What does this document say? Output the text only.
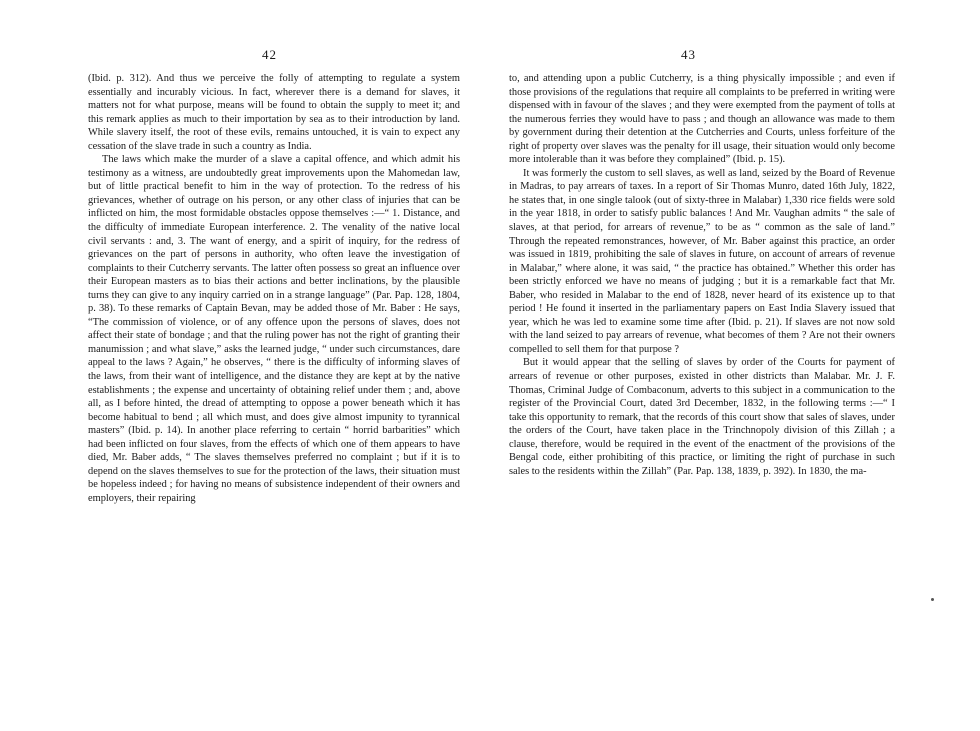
42

(Ibid. p. 312). And thus we perceive the folly of attempting to regulate a system essentially and incurably vicious. In fact, wherever there is a demand for slaves, it matters not for what purpose, means will be found to obtain the supply to meet it; and this remark applies as much to their importation by sea as to their introduction by land. While slavery itself, the root of these evils, remains untouched, it is vain to expect any cessation of the slave trade in such a country as India.

The laws which make the murder of a slave a capital offence, and which admit his testimony as a witness, are undoubtedly great improvements upon the Mahomedan law, but of little practical benefit to him in the way of protection. To the redress of his grievances, whether of outrage on his person, or any other class of injuries that can be inflicted on him, the most formidable obstacles oppose themselves :—“ 1. Distance, and the difficulty of immediate European interference. 2. The venality of the native local civil servants : and, 3. The want of energy, and a spirit of inquiry, for the redress of grievances on the part of persons in authority, who often leave the investigation of complaints to their Cutcherry servants. The latter often possess so great an influence over their European masters as to bias their actions and better inclinations, by the plausible turns they can give to any inquiry carried on in a strange language” (Par. Pap. 128, 1804, p. 38). To these remarks of Captain Bevan, may be added those of Mr. Baber : He says, “The commission of violence, or of any offence upon the persons of slaves, does not affect their state of bondage ; and that the ruling power has not the right of granting their manumission ; and what slave,” asks the learned judge, “ under such circumstances, dare appeal to the laws ? Again,” he observes, “ there is the difficulty of informing slaves of the laws, from their want of intelligence, and the distance they are kept at by the native establishments ; the expense and uncertainty of obtaining relief under them ; and, above all, as I before hinted, the dread of attempting to oppose a power beneath which it has become habitual to bend ; all which must, and does give almost impunity to tyrannical masters” (Ibid. p. 14). In another place referring to certain “ horrid barbarities” which had been inflicted on four slaves, from the effects of which one of them appears to have died, Mr. Baber adds, “ The slaves themselves preferred no complaint ; but if it is to depend on the slaves themselves to sue for the protection of the laws, their situation must be hopeless indeed ; for having no means of subsistence independent of their owners and employers, their repairing

43

to, and attending upon a public Cutcherry, is a thing physically impossible ; and even if those provisions of the regulations that require all complaints to be preferred in writing were dispensed with in favour of the slaves ; and they were exempted from the payment of tolls at the numerous ferries they would have to pass ; and though an allowance was made to them by government during their detention at the Cutcherries and Courts, unless forfeiture of the right of property over slaves was the penalty for ill usage, their situation would only become more intolerable than it was before they complained” (Ibid. p. 15).

It was formerly the custom to sell slaves, as well as land, seized by the Board of Revenue in Madras, to pay arrears of taxes. In a report of Sir Thomas Munro, dated 16th July, 1822, he states that, in one single talook (out of sixty-three in Malabar) 1,330 rice fields were sold in the year 1818, in order to satisfy public balances ! And Mr. Vaughan admits “ the sale of slaves, at that period, for arrears of revenue,” to be as “ common as the sale of land.” Through the repeated remonstrances, however, of Mr. Baber against this practice, an order was issued in 1819, prohibiting the sale of slaves in future, on account of arrears of revenue in Malabar,” where alone, it was said, “ the practice has obtained.” Whether this order has been strictly enforced we have no means of judging ; but it is a remarkable fact that Mr. Baber, who resided in Malabar to the end of 1828, never heard of its existence up to that period ! He found it inserted in the parliamentary papers on East India Slavery issued that year, which he was led to examine some time after (Ibid. p. 21). If slaves are not now sold with the land seized to pay arrears of revenue, what becomes of them ? Are not their owners compelled to sell them for that purpose ?

But it would appear that the selling of slaves by order of the Courts for payment of arrears of revenue or other purposes, existed in other districts than Malabar. Mr. J. F. Thomas, Criminal Judge of Combaconum, adverts to this subject in a communication to the register of the Provincial Court, dated 3rd December, 1832, in the following terms :—“ I take this opportunity to remark, that the records of this court show that sales of slaves, under the orders of the Court, have taken place in the Trinchnopoly division of this Zillah ; a clause, therefore, would be required in the event of the enactment of the provisions of the Bengal code, either prohibiting of this practice, or limiting the right of purchase in such sales to the residents within the Zillah” (Par. Pap. 138, 1839, p. 392). In 1830, the ma-
